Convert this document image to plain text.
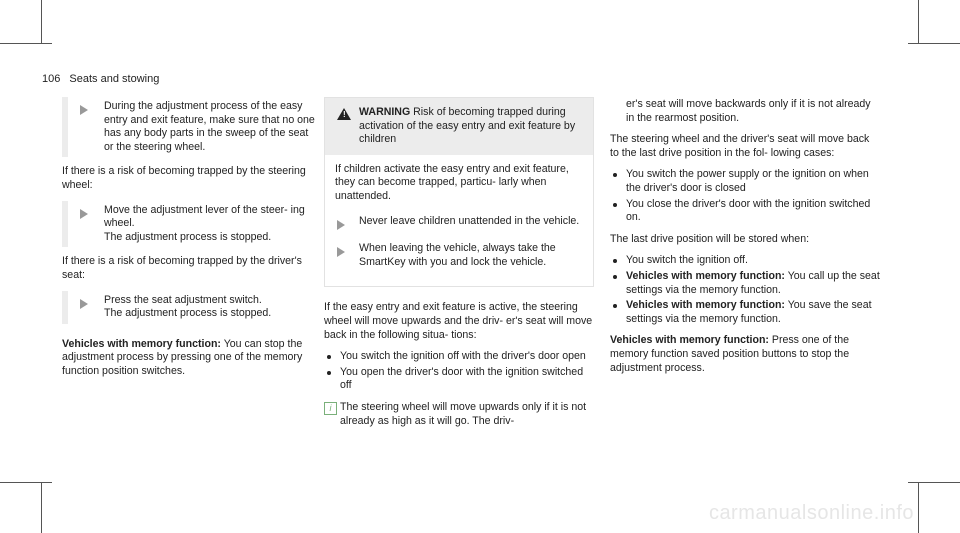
106 Seats and stowing
During the adjustment process of the easy entry and exit feature, make sure that no one has any body parts in the sweep of the seat or the steering wheel.

If there is a risk of becoming trapped by the steering wheel:

Move the adjustment lever of the steer- ing wheel.
The adjustment process is stopped.

If there is a risk of becoming trapped by the driver's seat:

Press the seat adjustment switch.
The adjustment process is stopped.

Vehicles with memory function: You can stop the adjustment process by pressing one of the memory function position switches.

! WARNING Risk of becoming trapped during activation of the easy entry and exit feature by children

If children activate the easy entry and exit feature, they can become trapped, particu- larly when unattended.

Never leave children unattended in the vehicle.
When leaving the vehicle, always take the SmartKey with you and lock the vehicle.

If the easy entry and exit feature is active, the steering wheel will move upwards and the driv- er's seat will move back in the following situa- tions:

You switch the ignition off with the driver's door open
You open the driver's door with the ignition switched off
i The steering wheel will move upwards only if it is not already as high as it will go. The driv-

er's seat will move backwards only if it is not already in the rearmost position.

The steering wheel and the driver's seat will move back to the last drive position in the fol- lowing cases:

You switch the power supply or the ignition on when the driver's door is closed
You close the driver's door with the ignition switched on.

The last drive position will be stored when:

You switch the ignition off.
Vehicles with memory function: You call up the seat settings via the memory function.
Vehicles with memory function: You save the seat settings via the memory function.

Vehicles with memory function: Press one of the memory function saved position buttons to stop the adjustment process.

carmanualsonline.info
